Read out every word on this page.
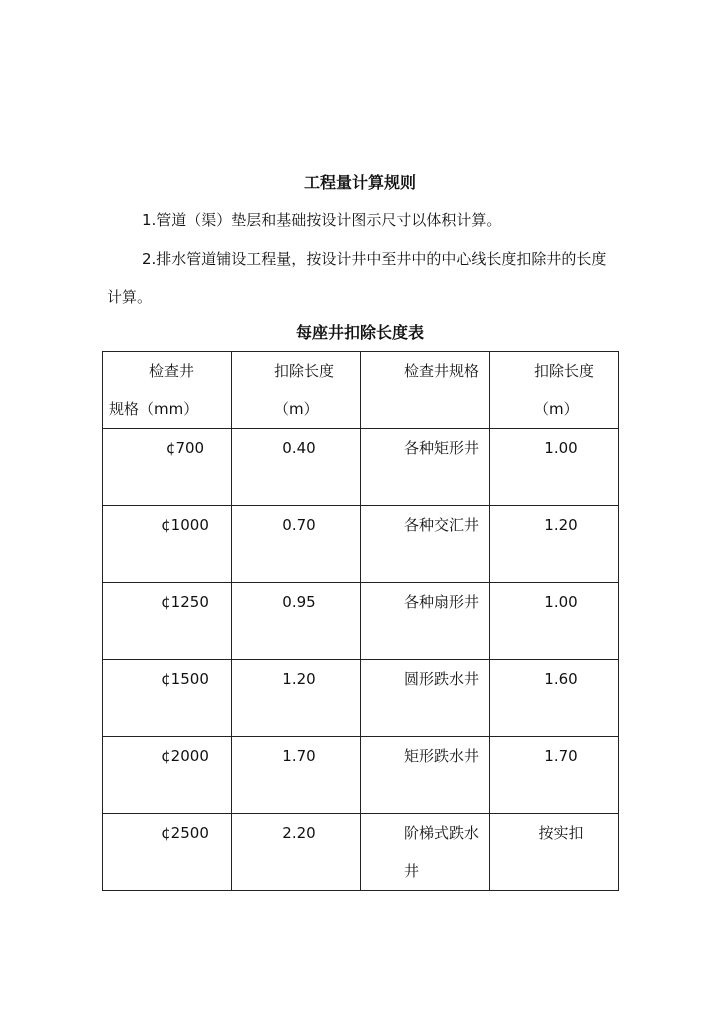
工程量计算规则

1.管道（渠）垫层和基础按设计图示尺寸以体积计算。

2.排水管道铺设工程量，按设计井中至井中的中心线长度扣除井的长度计算。

每座井扣除长度表
检查井规格（mm）	扣除长度（m）	检查井规格	扣除长度（m）

¢700	0.40	各种矩形井	1.00

¢1000	0.70	各种交汇井	1.20

¢1250	0.95	各种扇形井	1.00

¢1500	1.20	圆形跌水井	1.60

¢2000	1.70	矩形跌水井	1.70

¢2500	2.20	阶梯式跌水井	按实扣
